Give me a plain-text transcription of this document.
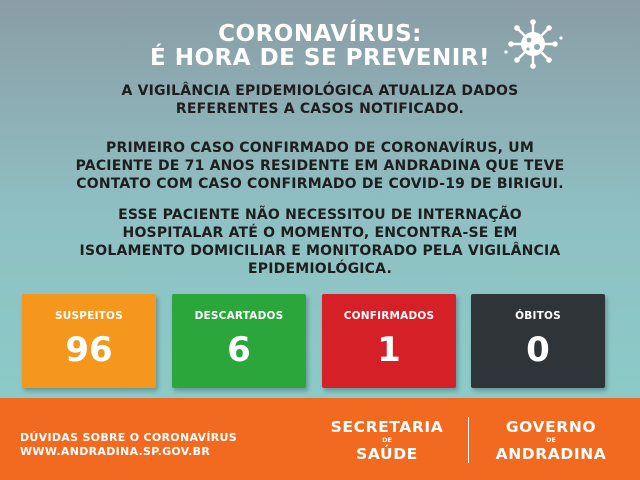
CORONAVÍRUS:
É HORA DE SE PREVENIR!
A VIGILÂNCIA EPIDEMIOLÓGICA ATUALIZA DADOS
REFERENTES A CASOS NOTIFICADO.
PRIMEIRO CASO CONFIRMADO DE CORONAVÍRUS, UM
PACIENTE DE 71 ANOS RESIDENTE EM ANDRADINA QUE TEVE
CONTATO COM CASO CONFIRMADO DE COVID-19 DE BIRIGUI.
ESSE PACIENTE NÃO NECESSITOU DE INTERNAÇÃO
HOSPITALAR ATÉ O MOMENTO, ENCONTRA-SE EM
ISOLAMENTO DOMICILIAR E MONITORADO PELA VIGILÂNCIA
EPIDEMIOLÓGICA.
SUSPEITOS
96
DESCARTADOS
6
CONFIRMADOS
1
ÓBITOS
0
DÚVIDAS SOBRE O CORONAVÍRUS
WWW.ANDRADINA.SP.GOV.BR
SECRETARIA
DE
SAÚDE
GOVERNO
DE
ANDRADINA
